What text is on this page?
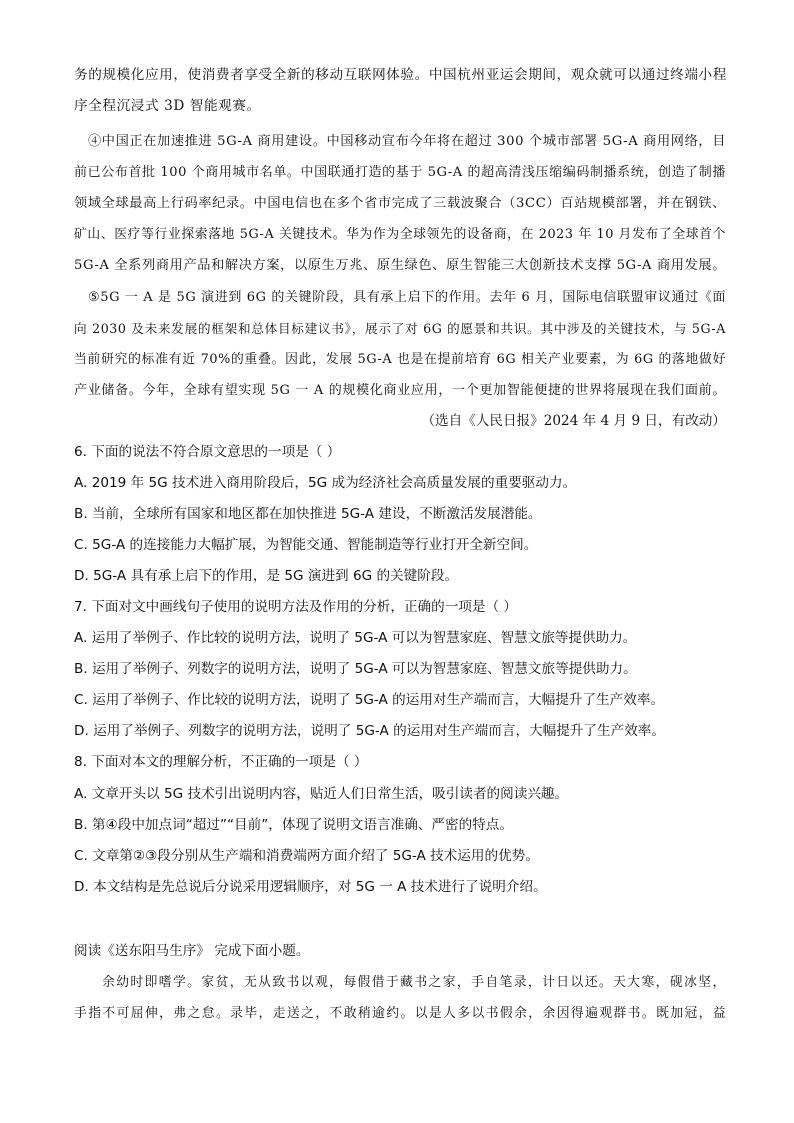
务的规模化应用，使消费者享受全新的移动互联网体验。中国杭州亚运会期间，观众就可以通过终端小程
序全程沉浸式 3D 智能观赛。
④中国正在加速推进 5G-A 商用建设。中国移动宣布今年将在超过 300 个城市部署 5G-A 商用网络，目
前已公布首批 100 个商用城市名单。中国联通打造的基于 5G-A 的超高清浅压缩编码制播系统，创造了制播
领域全球最高上行码率纪录。中国电信也在多个省市完成了三载波聚合（3CC）百站规模部署，并在钢铁、
矿山、医疗等行业探索落地 5G-A 关键技术。华为作为全球领先的设备商，在 2023 年 10 月发布了全球首个
5G-A 全系列商用产品和解决方案，以原生万兆、原生绿色、原生智能三大创新技术支撑 5G-A 商用发展。
⑤5G 一 A 是 5G 演进到 6G 的关键阶段，具有承上启下的作用。去年 6 月，国际电信联盟审议通过《面
向 2030 及未来发展的框架和总体目标建议书》，展示了对 6G 的愿景和共识。其中涉及的关键技术，与 5G-A
当前研究的标准有近 70%的重叠。因此，发展 5G-A 也是在提前培育 6G 相关产业要素，为 6G 的落地做好
产业储备。今年，全球有望实现 5G 一 A 的规模化商业应用，一个更加智能便捷的世界将展现在我们面前。
（选自《人民日报》2024 年 4 月 9 日，有改动）
6. 下面的说法不符合原文意思的一项是（ ）
A. 2019 年 5G 技术进入商用阶段后，5G 成为经济社会高质量发展的重要驱动力。
B. 当前，全球所有国家和地区都在加快推进 5G-A 建设，不断激活发展潜能。
C. 5G-A 的连接能力大幅扩展，为智能交通、智能制造等行业打开全新空间。
D. 5G-A 具有承上启下的作用，是 5G 演进到 6G 的关键阶段。
7. 下面对文中画线句子使用的说明方法及作用的分析，正确的一项是（ ）
A. 运用了举例子、作比较的说明方法，说明了 5G-A 可以为智慧家庭、智慧文旅等提供助力。
B. 运用了举例子、列数字的说明方法，说明了 5G-A 可以为智慧家庭、智慧文旅等提供助力。
C. 运用了举例子、作比较的说明方法，说明了 5G-A 的运用对生产端而言，大幅提升了生产效率。
D. 运用了举例子、列数字的说明方法，说明了 5G-A 的运用对生产端而言，大幅提升了生产效率。
8. 下面对本文的理解分析，不正确的一项是（ ）
A. 文章开头以 5G 技术引出说明内容，贴近人们日常生活，吸引读者的阅读兴趣。
B. 第④段中加点词“超过”“目前”，体现了说明文语言准确、严密的特点。
C. 文章第②③段分别从生产端和消费端两方面介绍了 5G-A 技术运用的优势。
D. 本文结构是先总说后分说采用逻辑顺序，对 5G 一 A 技术进行了说明介绍。
阅读《送东阳马生序》 完成下面小题。
余幼时即嗜学。家贫，无从致书以观，每假借于藏书之家，手自笔录，计日以还。天大寒，砚冰坚，
手指不可屈伸，弗之怠。录毕，走送之，不敢稍逾约。以是人多以书假余，余因得遍观群书。既加冠，益
